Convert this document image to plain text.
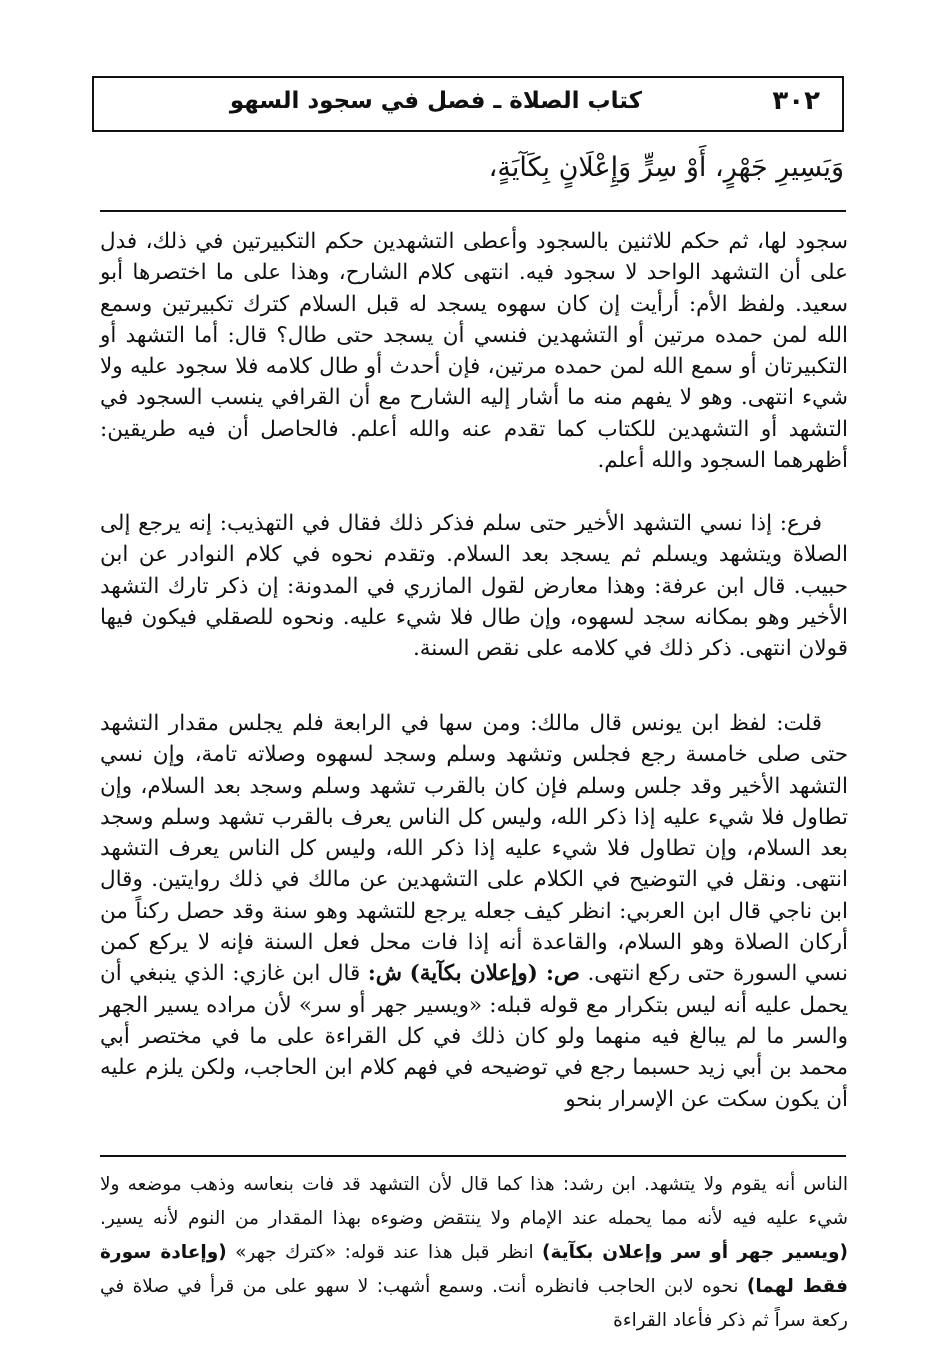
٣٠٢
كتاب الصلاة ـ فصل في سجود السهو
وَيَسِيرِ جَهْرٍ، أَوْ سِرٍّ وَإِعْلَانٍ بِكَآيَةٍ،

سجود لها، ثم حكم للاثنين بالسجود وأعطى التشهدين حكم التكبيرتين في ذلك، فدل على أن التشهد الواحد لا سجود فيه. انتهى كلام الشارح، وهذا على ما اختصرها أبو سعيد. ولفظ الأم: أرأيت إن كان سهوه يسجد له قبل السلام كترك تكبيرتين وسمع الله لمن حمده مرتين أو التشهدين فنسي أن يسجد حتى طال؟ قال: أما التشهد أو التكبيرتان أو سمع الله لمن حمده مرتين، فإن أحدث أو طال كلامه فلا سجود عليه ولا شيء انتهى. وهو لا يفهم منه ما أشار إليه الشارح مع أن القرافي ينسب السجود في التشهد أو التشهدين للكتاب كما تقدم عنه والله أعلم. فالحاصل أن فيه طريقين: أظهرهما السجود والله أعلم.

فرع: إذا نسي التشهد الأخير حتى سلم فذكر ذلك فقال في التهذيب: إنه يرجع إلى الصلاة ويتشهد ويسلم ثم يسجد بعد السلام. وتقدم نحوه في كلام النوادر عن ابن حبيب. قال ابن عرفة: وهذا معارض لقول المازري في المدونة: إن ذكر تارك التشهد الأخير وهو بمكانه سجد لسهوه، وإن طال فلا شيء عليه. ونحوه للصقلي فيكون فيها قولان انتهى. ذكر ذلك في كلامه على نقص السنة.

قلت: لفظ ابن يونس قال مالك: ومن سها في الرابعة فلم يجلس مقدار التشهد حتى صلى خامسة رجع فجلس وتشهد وسلم وسجد لسهوه وصلاته تامة، وإن نسي التشهد الأخير وقد جلس وسلم فإن كان بالقرب تشهد وسلم وسجد بعد السلام، وإن تطاول فلا شيء عليه إذا ذكر الله، وليس كل الناس يعرف بالقرب تشهد وسلم وسجد بعد السلام، وإن تطاول فلا شيء عليه إذا ذكر الله، وليس كل الناس يعرف التشهد انتهى. ونقل في التوضيح في الكلام على التشهدين عن مالك في ذلك روايتين. وقال ابن ناجي قال ابن العربي: انظر كيف جعله يرجع للتشهد وهو سنة وقد حصل ركناً من أركان الصلاة وهو السلام، والقاعدة أنه إذا فات محل فعل السنة فإنه لا يركع كمن نسي السورة حتى ركع انتهى. ص: (وإعلان بكآية) ش: قال ابن غازي: الذي ينبغي أن يحمل عليه أنه ليس بتكرار مع قوله قبله: «ويسير جهر أو سر» لأن مراده يسير الجهر والسر ما لم يبالغ فيه منهما ولو كان ذلك في كل القراءة على ما في مختصر أبي محمد بن أبي زيد حسبما رجع في توضيحه في فهم كلام ابن الحاجب، ولكن يلزم عليه أن يكون سكت عن الإسرار بنحو

الناس أنه يقوم ولا يتشهد. ابن رشد: هذا كما قال لأن التشهد قد فات بنعاسه وذهب موضعه ولا شيء عليه فيه لأنه مما يحمله عند الإمام ولا ينتقض وضوءه بهذا المقدار من النوم لأنه يسير. (ويسير جهر أو سر وإعلان بكآية) انظر قبل هذا عند قوله: «كترك جهر» (وإعادة سورة فقط لهما) نحوه لابن الحاجب فانظره أنت. وسمع أشهب: لا سهو على من قرأ في صلاة في ركعة سراً ثم ذكر فأعاد القراءة
